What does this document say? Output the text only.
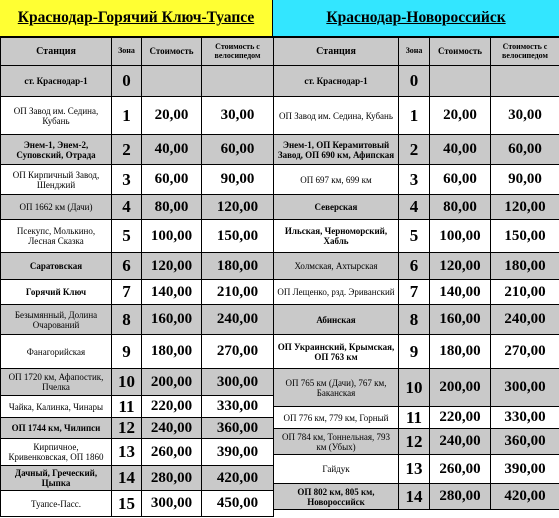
Краснодар-Горячий Ключ-Туапсе
Станция	Зона	Стоимость	Стоимость с велосипедом
ст. Краснодар-1	0		
ОП Завод им. Седина, Кубань	1	20,00	30,00
Энем-1, Энем-2, Суповский, Отрада	2	40,00	60,00
ОП Кирпичный Завод, Шенджий	3	60,00	90,00
ОП 1662 км (Дачи)	4	80,00	120,00
Псекупс, Молькино, Лесная Сказка	5	100,00	150,00
Саратовская	6	120,00	180,00
Горячий Ключ	7	140,00	210,00
Безымянный, Долина Очарований	8	160,00	240,00
Фанагорийская	9	180,00	270,00
ОП 1720 км, Афапостик, Пчелка	10	200,00	300,00
Чайка, Калинка, Чинары	11	220,00	330,00
ОП 1744 км, Чилипси	12	240,00	360,00
Кирпичное, Кривенковская, ОП 1860	13	260,00	390,00
Дачный, Греческий, Цыпка	14	280,00	420,00
Туапсе-Пасс.	15	300,00	450,00
Краснодар-Новороссийск
Станция	Зона	Стоимость	Стоимость с велосипедом
ст. Краснодар-1	0		
ОП Завод им. Седина, Кубань	1	20,00	30,00
Энем-1, ОП Керамитовый Завод, ОП 690 км, Афипская	2	40,00	60,00
ОП 697 км, 699 км	3	60,00	90,00
Северская	4	80,00	120,00
Ильская, Черноморский, Хабль	5	100,00	150,00
Холмская, Ахтырская	6	120,00	180,00
ОП Лещенко, рзд. Эриванский	7	140,00	210,00
Абинская	8	160,00	240,00
ОП Украинский, Крымская, ОП 763 км	9	180,00	270,00
ОП 765 км (Дачи), 767 км, Баканская	10	200,00	300,00
ОП 776 км, 779 км, Горный	11	220,00	330,00
ОП 784 км, Тоннельная, 793 км (Убых)	12	240,00	360,00
Гайдук	13	260,00	390,00
ОП 802 км, 805 км, Новороссийск	14	280,00	420,00
